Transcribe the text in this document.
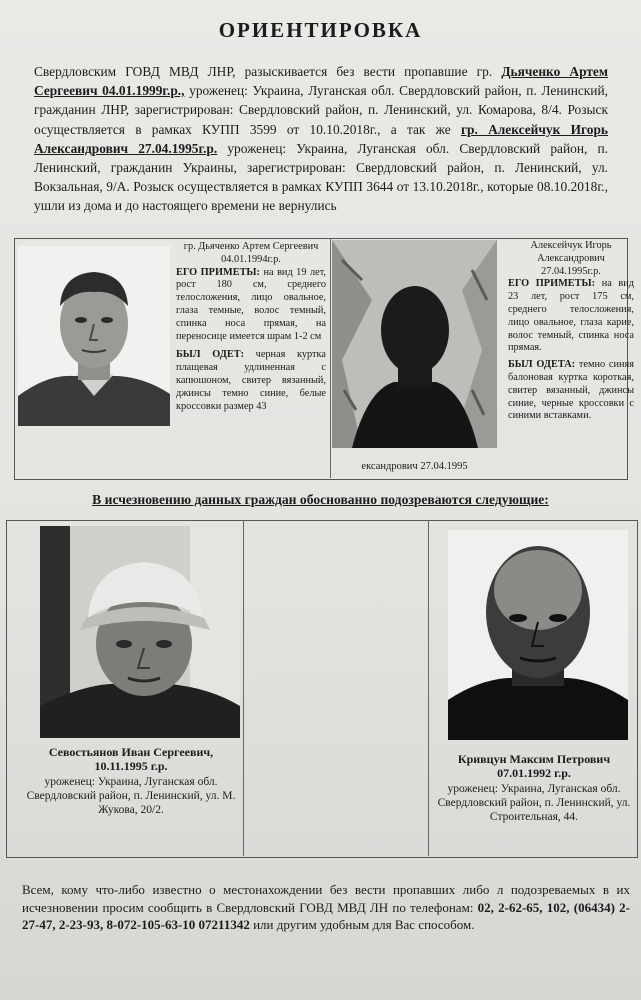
ОРИЕНТИРОВКА
Свердловским ГОВД МВД ЛНР, разыскивается без вести пропавшие гр. Дьяченко Артем Сергеевич 04.01.1999г.р., уроженец: Украина, Луганская обл. Свердловский район, п. Ленинский, гражданин ЛНР, зарегистрирован: Свердловский район, п. Ленинский, ул. Комарова, 8/4. Розыск осуществляется в рамках КУПП 3599 от 10.10.2018г., а так же гр. Алексейчук Игорь Александрович 27.04.1995г.р. уроженец: Украина, Луганская обл. Свердловский район, п. Ленинский, гражданин Украины, зарегистрирован: Свердловский район, п. Ленинский, ул. Вокзальная, 9/А. Розыск осуществляется в рамках КУПП 3644 от 13.10.2018г., которые 08.10.2018г., ушли из дома и до настоящего времени не вернулись
гр. Дьяченко Артем Сергеевич 04.01.1994г.р.
ЕГО ПРИМЕТЫ: на вид 19 лет, рост 180 см, среднего телосложения, лицо овальное, глаза темные, волос темный, спинка носа прямая, на переносице имеется шрам 1-2 см
БЫЛ ОДЕТ: черная куртка плащевая удлиненная с капюшоном, свитер вязанный, джинсы темно синие, белые кроссовки размер 43
ександрович 27.04.1995
Алексейчук Игорь Александрович 27.04.1995г.р.
ЕГО ПРИМЕТЫ: на вид 23 лет, рост 175 см, среднего телосложения, лицо овальное, глаза карие, волос темный, спинка носа прямая.
БЫЛ ОДЕТА: темно синяя балоновая куртка короткая, свитер вязанный, джинсы синие, черные кроссовки с синими вставками.
В исчезновению данных граждан обоснованно подозреваются следующие:
Севостьянов Иван Сергеевич,
10.11.1995 г.р.
уроженец: Украина, Луганская обл. Свердловский район, п. Ленинский, ул. М. Жукова, 20/2.
Кривцун Максим Петрович
07.01.1992 г.р.
уроженец: Украина, Луганская обл. Свердловский район, п. Ленинский, ул. Строительная, 44.
Всем, кому что-либо известно о местонахождении без вести пропавших либо л подозреваемых в их исчезновении просим сообщить в Свердловский ГОВД МВД ЛН по телефонам: 02, 2-62-65, 102, (06434) 2-27-47, 2-23-93, 8-072-105-63-10 07211342 или другим удобным для Вас способом.
